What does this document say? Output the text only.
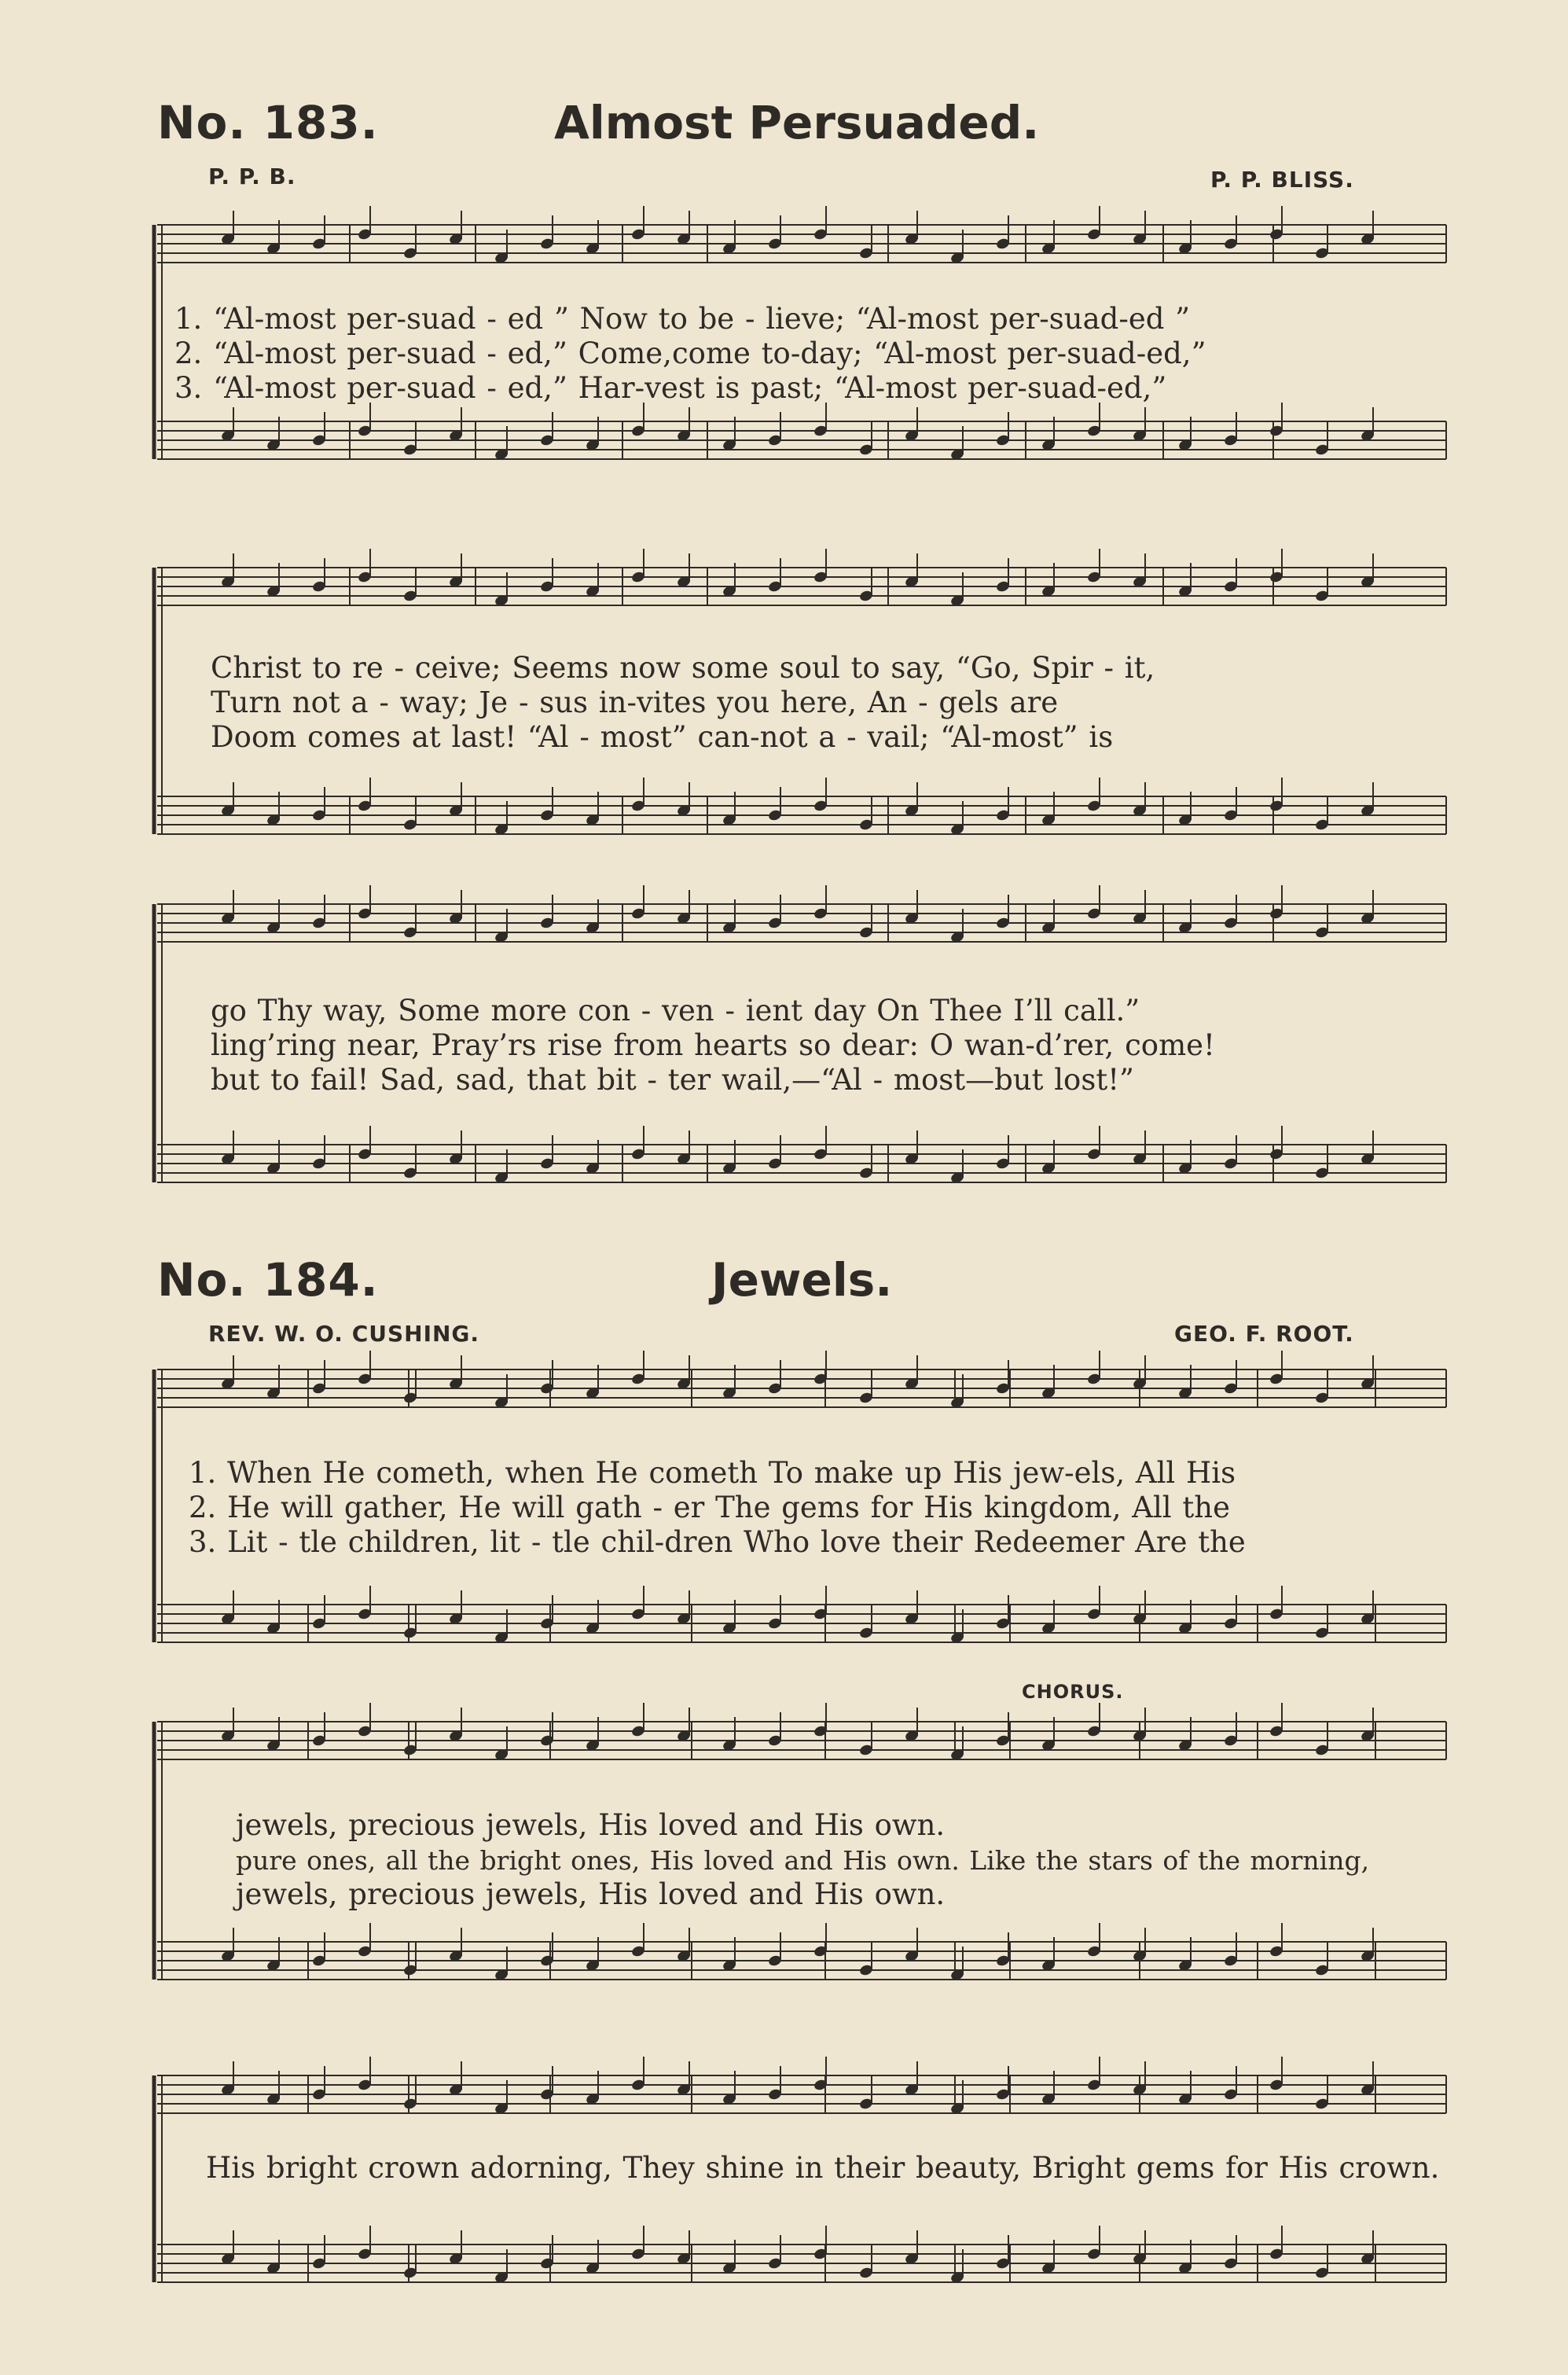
No. 183.	Almost Persuaded.
P. P. B.	P. P. BLISS.
1. “Al-most per-suad - ed ” Now to be - lieve; “Al-most per-suad-ed ”
2. “Al-most per-suad - ed,” Come,come to-day; “Al-most per-suad-ed,”
3. “Al-most per-suad - ed,” Har-vest is past; “Al-most per-suad-ed,”
Christ to re - ceive; Seems now some soul to say, “Go, Spir - it,
Turn not a - way; Je - sus in-vites you here, An - gels are
Doom comes at last! “Al - most” can-not a - vail; “Al-most” is
go Thy way, Some more con - ven - ient day On Thee I’ll call.”
ling’ring near, Pray’rs rise from hearts so dear: O wan-d’rer, come!
but to fail! Sad, sad, that bit - ter wail,—“Al - most—but lost!”
No. 184.	Jewels.
REV. W. O. CUSHING.	GEO. F. ROOT.
1. When He cometh, when He cometh To make up His jew-els, All His
2. He will gather, He will gath - er The gems for His kingdom, All the
3. Lit - tle children, lit - tle chil-dren Who love their Redeemer Are the
CHORUS.
jewels, precious jewels, His loved and His own.
pure ones, all the bright ones, His loved and His own. Like the stars of the morning,
jewels, precious jewels, His loved and His own.
His bright crown adorning, They shine in their beauty, Bright gems for His crown.
